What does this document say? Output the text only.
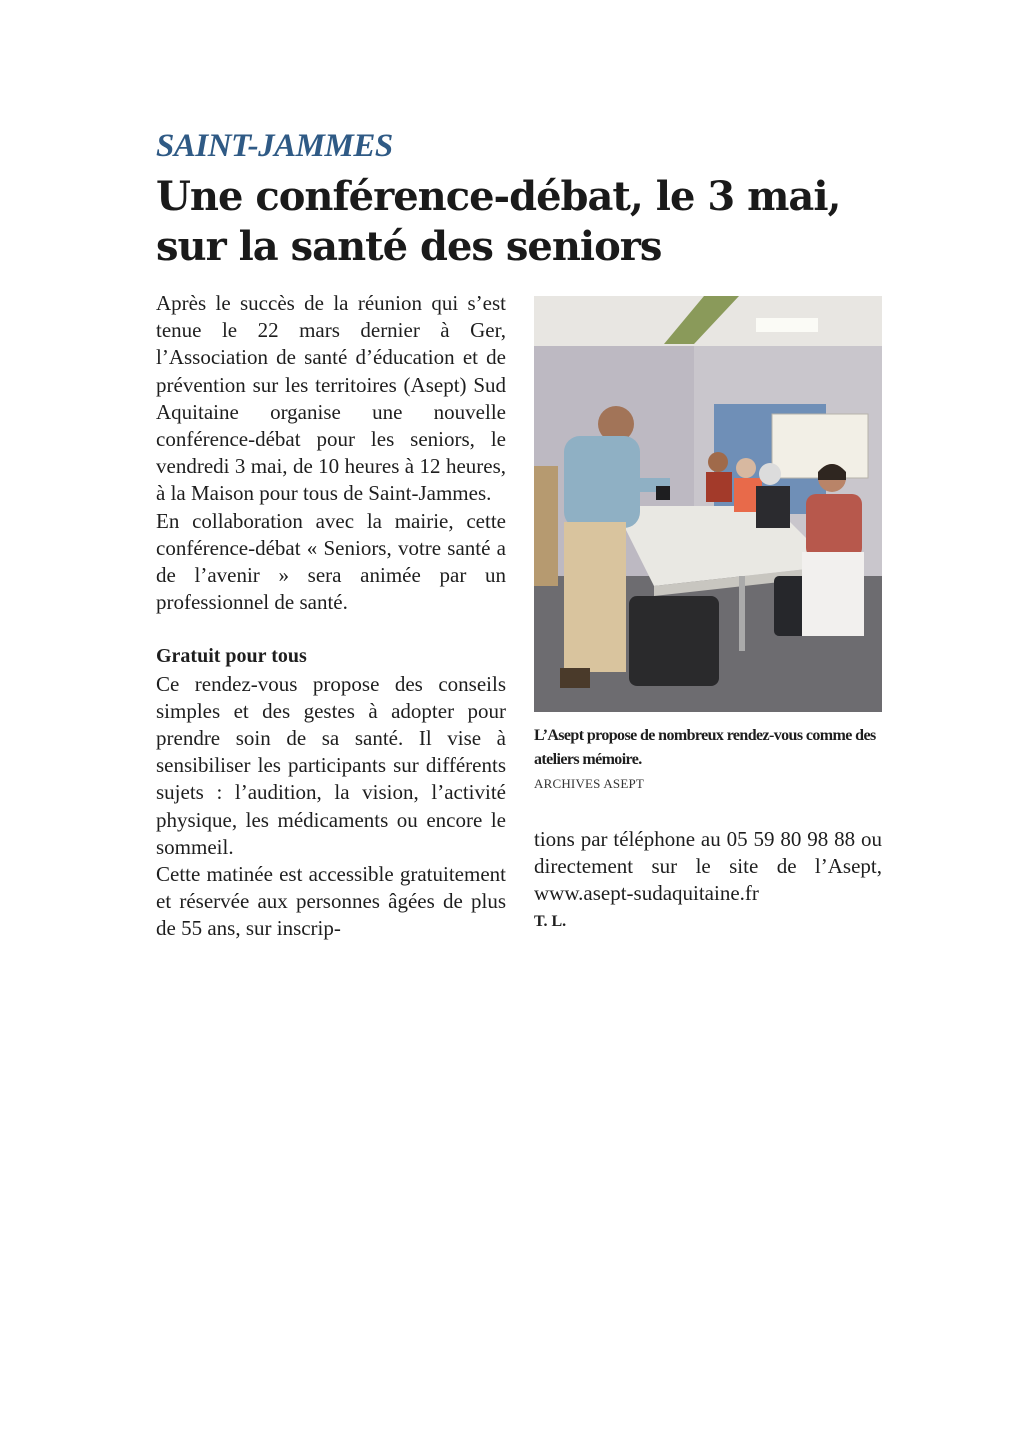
SAINT-JAMMES
Une conférence-débat, le 3 mai, sur la santé des seniors

Après le succès de la réunion qui s’est tenue le 22 mars dernier à Ger, l’Association de santé d’éducation et de prévention sur les territoires (Asept) Sud Aquitaine organise une nouvelle conférence-débat pour les seniors, le vendredi 3 mai, de 10 heures à 12 heures, à la Maison pour tous de Saint-Jammes.

En collaboration avec la mairie, cette conférence-débat « Seniors, votre santé a de l’avenir » sera animée par un professionnel de santé.

Gratuit pour tous

Ce rendez-vous propose des conseils simples et des gestes à adopter pour prendre soin de sa santé. Il vise à sensibiliser les participants sur différents sujets : l’audition, la vision, l’activité physique, les médicaments ou encore le sommeil.

Cette matinée est accessible gratuitement et réservée aux personnes âgées de plus de 55 ans, sur inscrip-

L’Asept propose de nombreux rendez-vous comme des ateliers mémoire.

ARCHIVES ASEPT

tions par téléphone au 05 59 80 98 88 ou directement sur le site de l’Asept, www.asept-sudaquitaine.fr

T. L.
